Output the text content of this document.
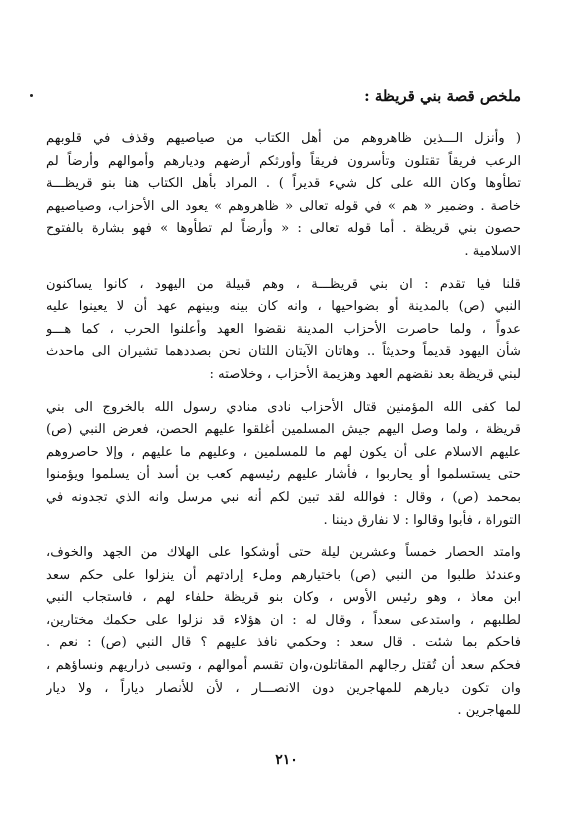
ملخص قصة بني قريظة :

( وأنزل الـــذين ظاهروهم من أهل الكتاب من صياصيهم وقذف في قلوبهم
الرعب فريقاً تقتلون وتأسرون فريقاً وأورثكم أرضهم وديارهم وأموالهم وأرضاً لم
تطأوها وكان الله على كل شيء قديراً ) . المراد بأهل الكتاب هنا بنو قريظـــة
خاصة . وضمير « هم » في قوله تعالى « ظاهروهم » يعود الى الأحزاب، وصياصيهم
حصون بني قريظة . أما قوله تعالى : « وأرضاً لم تطأوها » فهو بشارة بالفتوح
الاسلامية .

قلنا فيا تقدم : ان بني قريظـــة ، وهم قبيلة من اليهود ، كانوا يساكنون
النبي (ص) بالمدينة أو بضواحيها ، وانه كان بينه وبينهم عهد أن لا يعينوا عليه
عدواً ، ولما حاصرت الأحزاب المدينة نقضوا العهد وأعلنوا الحرب ، كما هـــو
شأن اليهود قديماً وحديثاً .. وهاتان الآيتان اللتان نحن بصددهما تشيران الى ماحدث
لبني قريظة بعد نقضهم العهد وهزيمة الأحزاب ، وخلاصته :

لما كفى الله المؤمنين قتال الأحزاب نادى منادي رسول الله بالخروج الى بني
قريظة ، ولما وصل اليهم جيش المسلمين أغلقوا عليهم الحصن، فعرض النبي (ص)
عليهم الاسلام على أن يكون لهم ما للمسلمين ، وعليهم ما عليهم ، وإلا حاصروهم
حتى يستسلموا أو يحاربوا ، فأشار عليهم رئيسهم كعب بن أسد أن يسلموا ويؤمنوا
بمحمد (ص) ، وقال : فوالله لقد تبين لكم أنه نبي مرسل وانه الذي تجدونه في
التوراة ، فأبوا وقالوا : لا نفارق ديننا .

وامتد الحصار خمساً وعشرين ليلة حتى أوشكوا على الهلاك من الجهد والخوف،
وعندئذ طلبوا من النبي (ص) باختيارهم وملء إرادتهم أن ينزلوا على حكم سعد
ابن معاذ ، وهو رئيس الأوس ، وكان بنو قريظة حلفاء لهم ، فاستجاب النبي
لطلبهم ، واستدعى سعداً ، وقال له : ان هؤلاء قد نزلوا على حكمك مختارين،
فاحكم بما شئت . قال سعد : وحكمي نافذ عليهم ؟ قال النبي (ص) : نعم .
فحكم سعد أن تُقتل رجالهم المقاتلون،وان تقسم أموالهم ، وتسبى ذراريهم ونساؤهم ،
وان تكون ديارهم للمهاجرين دون الانصـــار ، لأن للأنصار دياراً ، ولا ديار
للمهاجرين .

٢١٠
